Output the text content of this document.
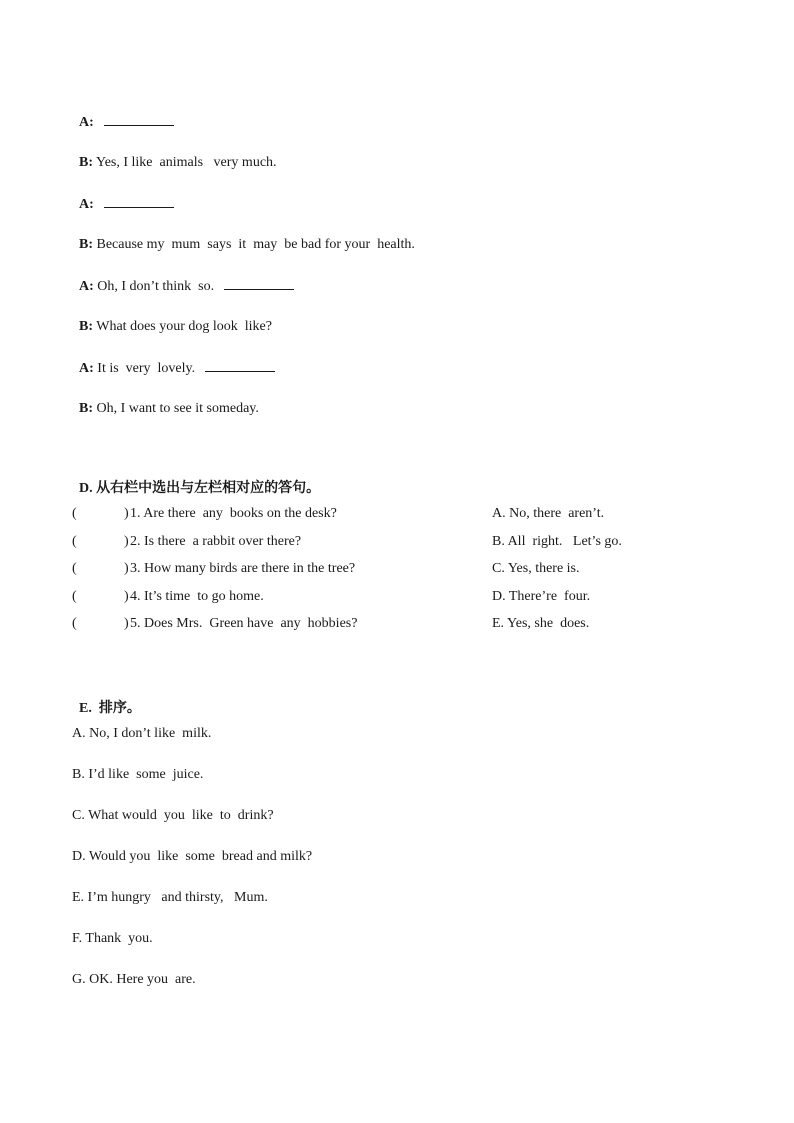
A:

B: Yes, I like  animals   very much.

A:

B: Because my  mum  says  it  may  be bad for your  health.

A: Oh, I don’t think  so.

B: What does your dog look  like?

A: It is  very  lovely.

B: Oh, I want to see it someday.

D. 从右栏中选出与左栏相对应的答句。

(	) 1. Are there  any  books on the desk?	A. No, there  aren’t.
(	) 2. Is there  a rabbit over there?	B. All  right.   Let’s go.
(	) 3. How many birds are there in the tree?	C. Yes, there is.
(	) 4. It’s time  to go home.	D. There’re  four.
(	) 5. Does Mrs.  Green have  any  hobbies?	E. Yes, she  does.

E. 排序。

A. No, I don’t like  milk.
B. I’d like  some  juice.
C. What would  you  like  to  drink?
D. Would you  like  some  bread and milk?
E. I’m hungry   and thirsty,   Mum.
F. Thank  you.
G. OK. Here you  are.
